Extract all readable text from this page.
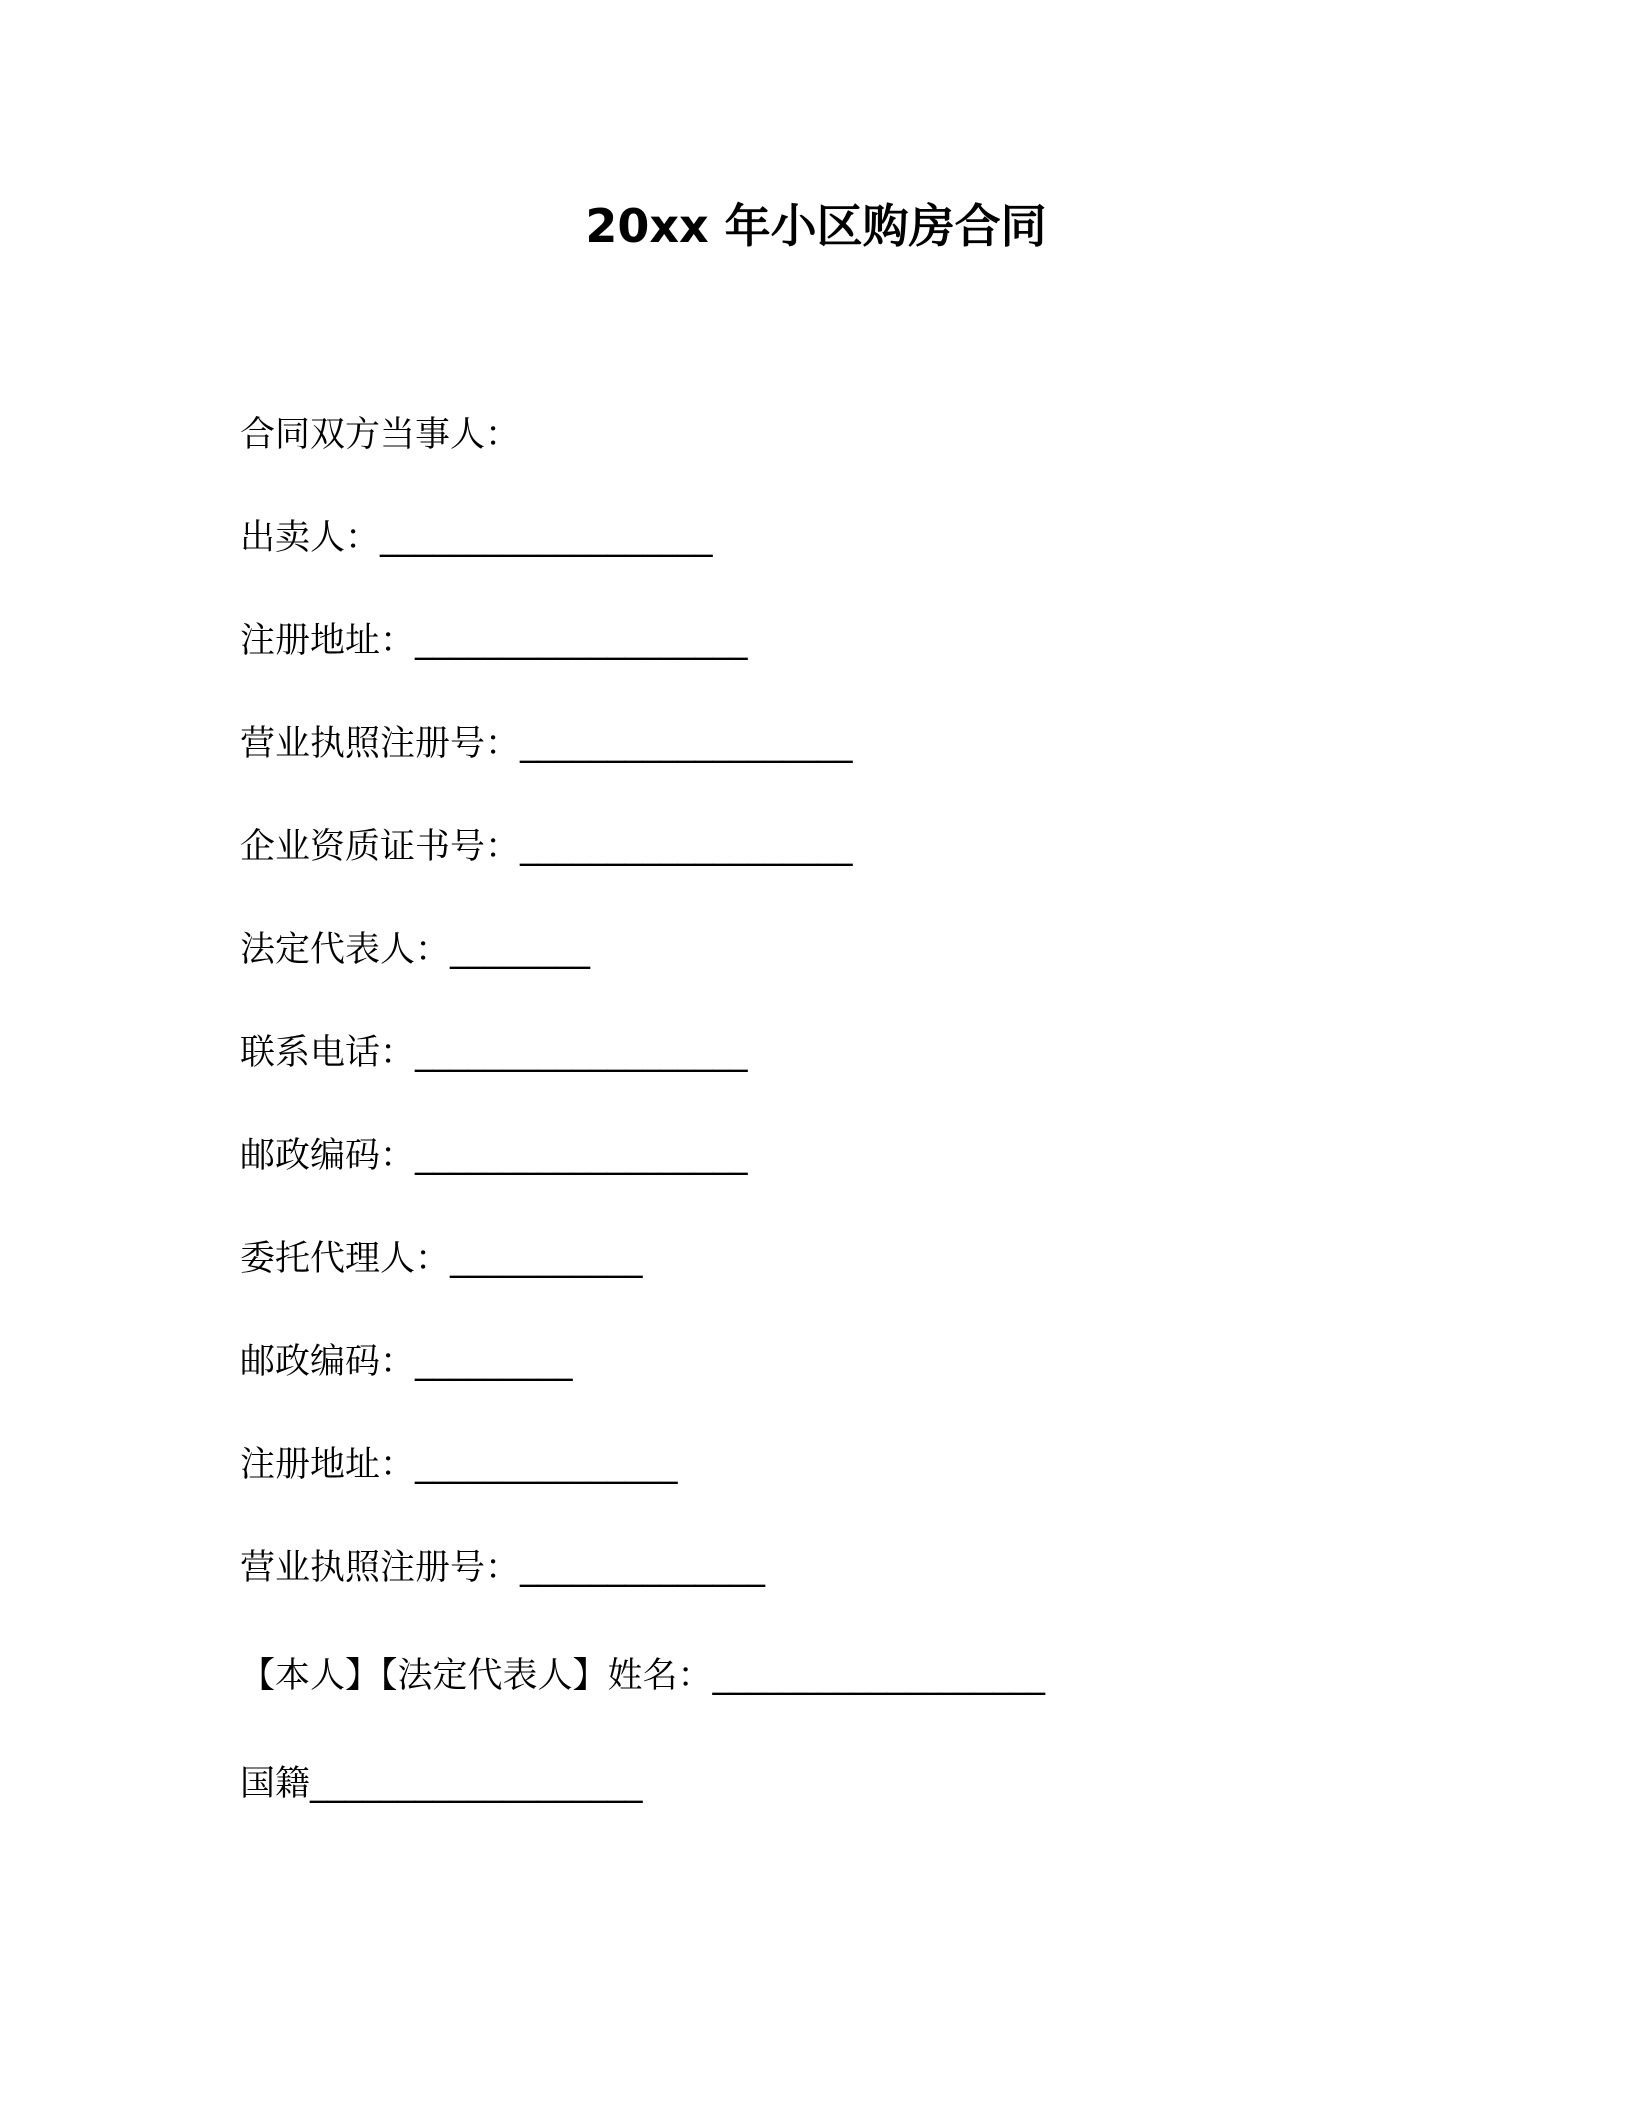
20xx 年小区购房合同
合同双方当事人：
出卖人：___________________
注册地址：___________________
营业执照注册号：___________________
企业资质证书号：___________________
法定代表人：________
联系电话：___________________
邮政编码：___________________
委托代理人：___________
邮政编码：_________
注册地址：_______________
营业执照注册号：______________
【本人】【法定代表人】姓名：___________________
国籍___________________
